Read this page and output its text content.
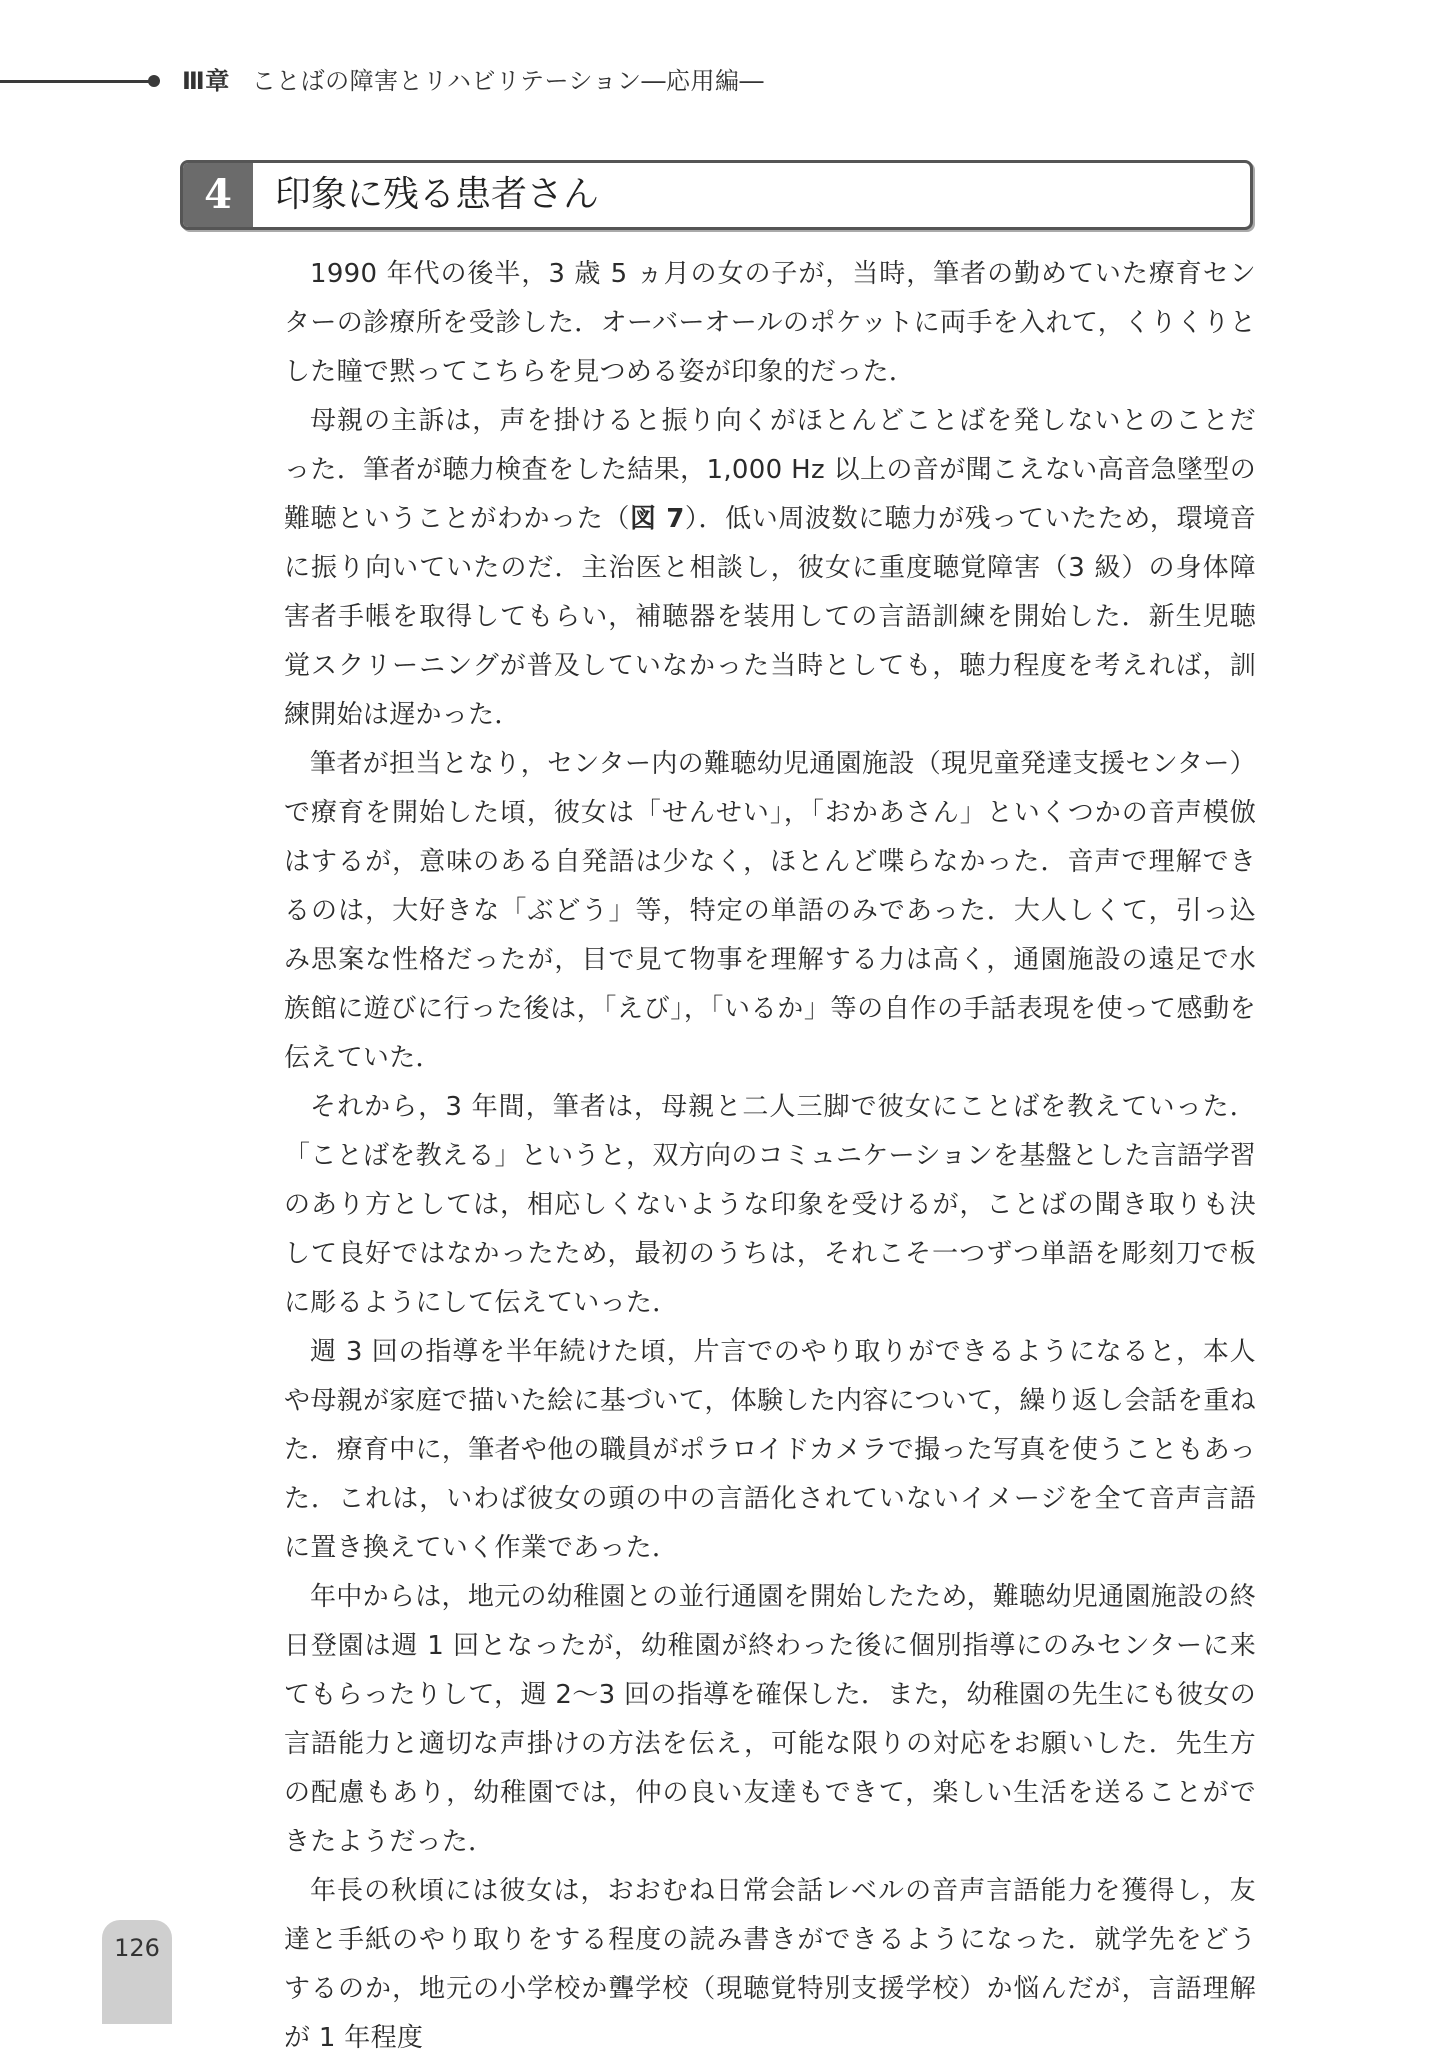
Ⅲ章 ことばの障害とリハビリテーション―応用編―
4	印象に残る患者さん

1990 年代の後半，3 歳 5 ヵ月の女の子が，当時，筆者の勤めていた療育センターの診療所を受診した．オーバーオールのポケットに両手を入れて，くりくりとした瞳で黙ってこちらを見つめる姿が印象的だった．

母親の主訴は，声を掛けると振り向くがほとんどことばを発しないとのことだった．筆者が聴力検査をした結果，1,000 Hz 以上の音が聞こえない高音急墜型の難聴ということがわかった（図 7）．低い周波数に聴力が残っていたため，環境音に振り向いていたのだ．主治医と相談し，彼女に重度聴覚障害（3 級）の身体障害者手帳を取得してもらい，補聴器を装用しての言語訓練を開始した．新生児聴覚スクリーニングが普及していなかった当時としても，聴力程度を考えれば，訓練開始は遅かった．

筆者が担当となり，センター内の難聴幼児通園施設（現児童発達支援センター）で療育を開始した頃，彼女は「せんせい」，「おかあさん」といくつかの音声模倣はするが，意味のある自発語は少なく，ほとんど喋らなかった．音声で理解できるのは，大好きな「ぶどう」等，特定の単語のみであった．大人しくて，引っ込み思案な性格だったが，目で見て物事を理解する力は高く，通園施設の遠足で水族館に遊びに行った後は，「えび」，「いるか」等の自作の手話表現を使って感動を伝えていた．

それから，3 年間，筆者は，母親と二人三脚で彼女にことばを教えていった．「ことばを教える」というと，双方向のコミュニケーションを基盤とした言語学習のあり方としては，相応しくないような印象を受けるが，ことばの聞き取りも決して良好ではなかったため，最初のうちは，それこそ一つずつ単語を彫刻刀で板に彫るようにして伝えていった．

週 3 回の指導を半年続けた頃，片言でのやり取りができるようになると，本人や母親が家庭で描いた絵に基づいて，体験した内容について，繰り返し会話を重ねた．療育中に，筆者や他の職員がポラロイドカメラで撮った写真を使うこともあった．これは，いわば彼女の頭の中の言語化されていないイメージを全て音声言語に置き換えていく作業であった．

年中からは，地元の幼稚園との並行通園を開始したため，難聴幼児通園施設の終日登園は週 1 回となったが，幼稚園が終わった後に個別指導にのみセンターに来てもらったりして，週 2～3 回の指導を確保した．また，幼稚園の先生にも彼女の言語能力と適切な声掛けの方法を伝え，可能な限りの対応をお願いした．先生方の配慮もあり，幼稚園では，仲の良い友達もできて，楽しい生活を送ることができたようだった．

年長の秋頃には彼女は，おおむね日常会話レベルの音声言語能力を獲得し，友達と手紙のやり取りをする程度の読み書きができるようになった．就学先をどうするのか，地元の小学校か聾学校（現聴覚特別支援学校）か悩んだが，言語理解が 1 年程度

126
